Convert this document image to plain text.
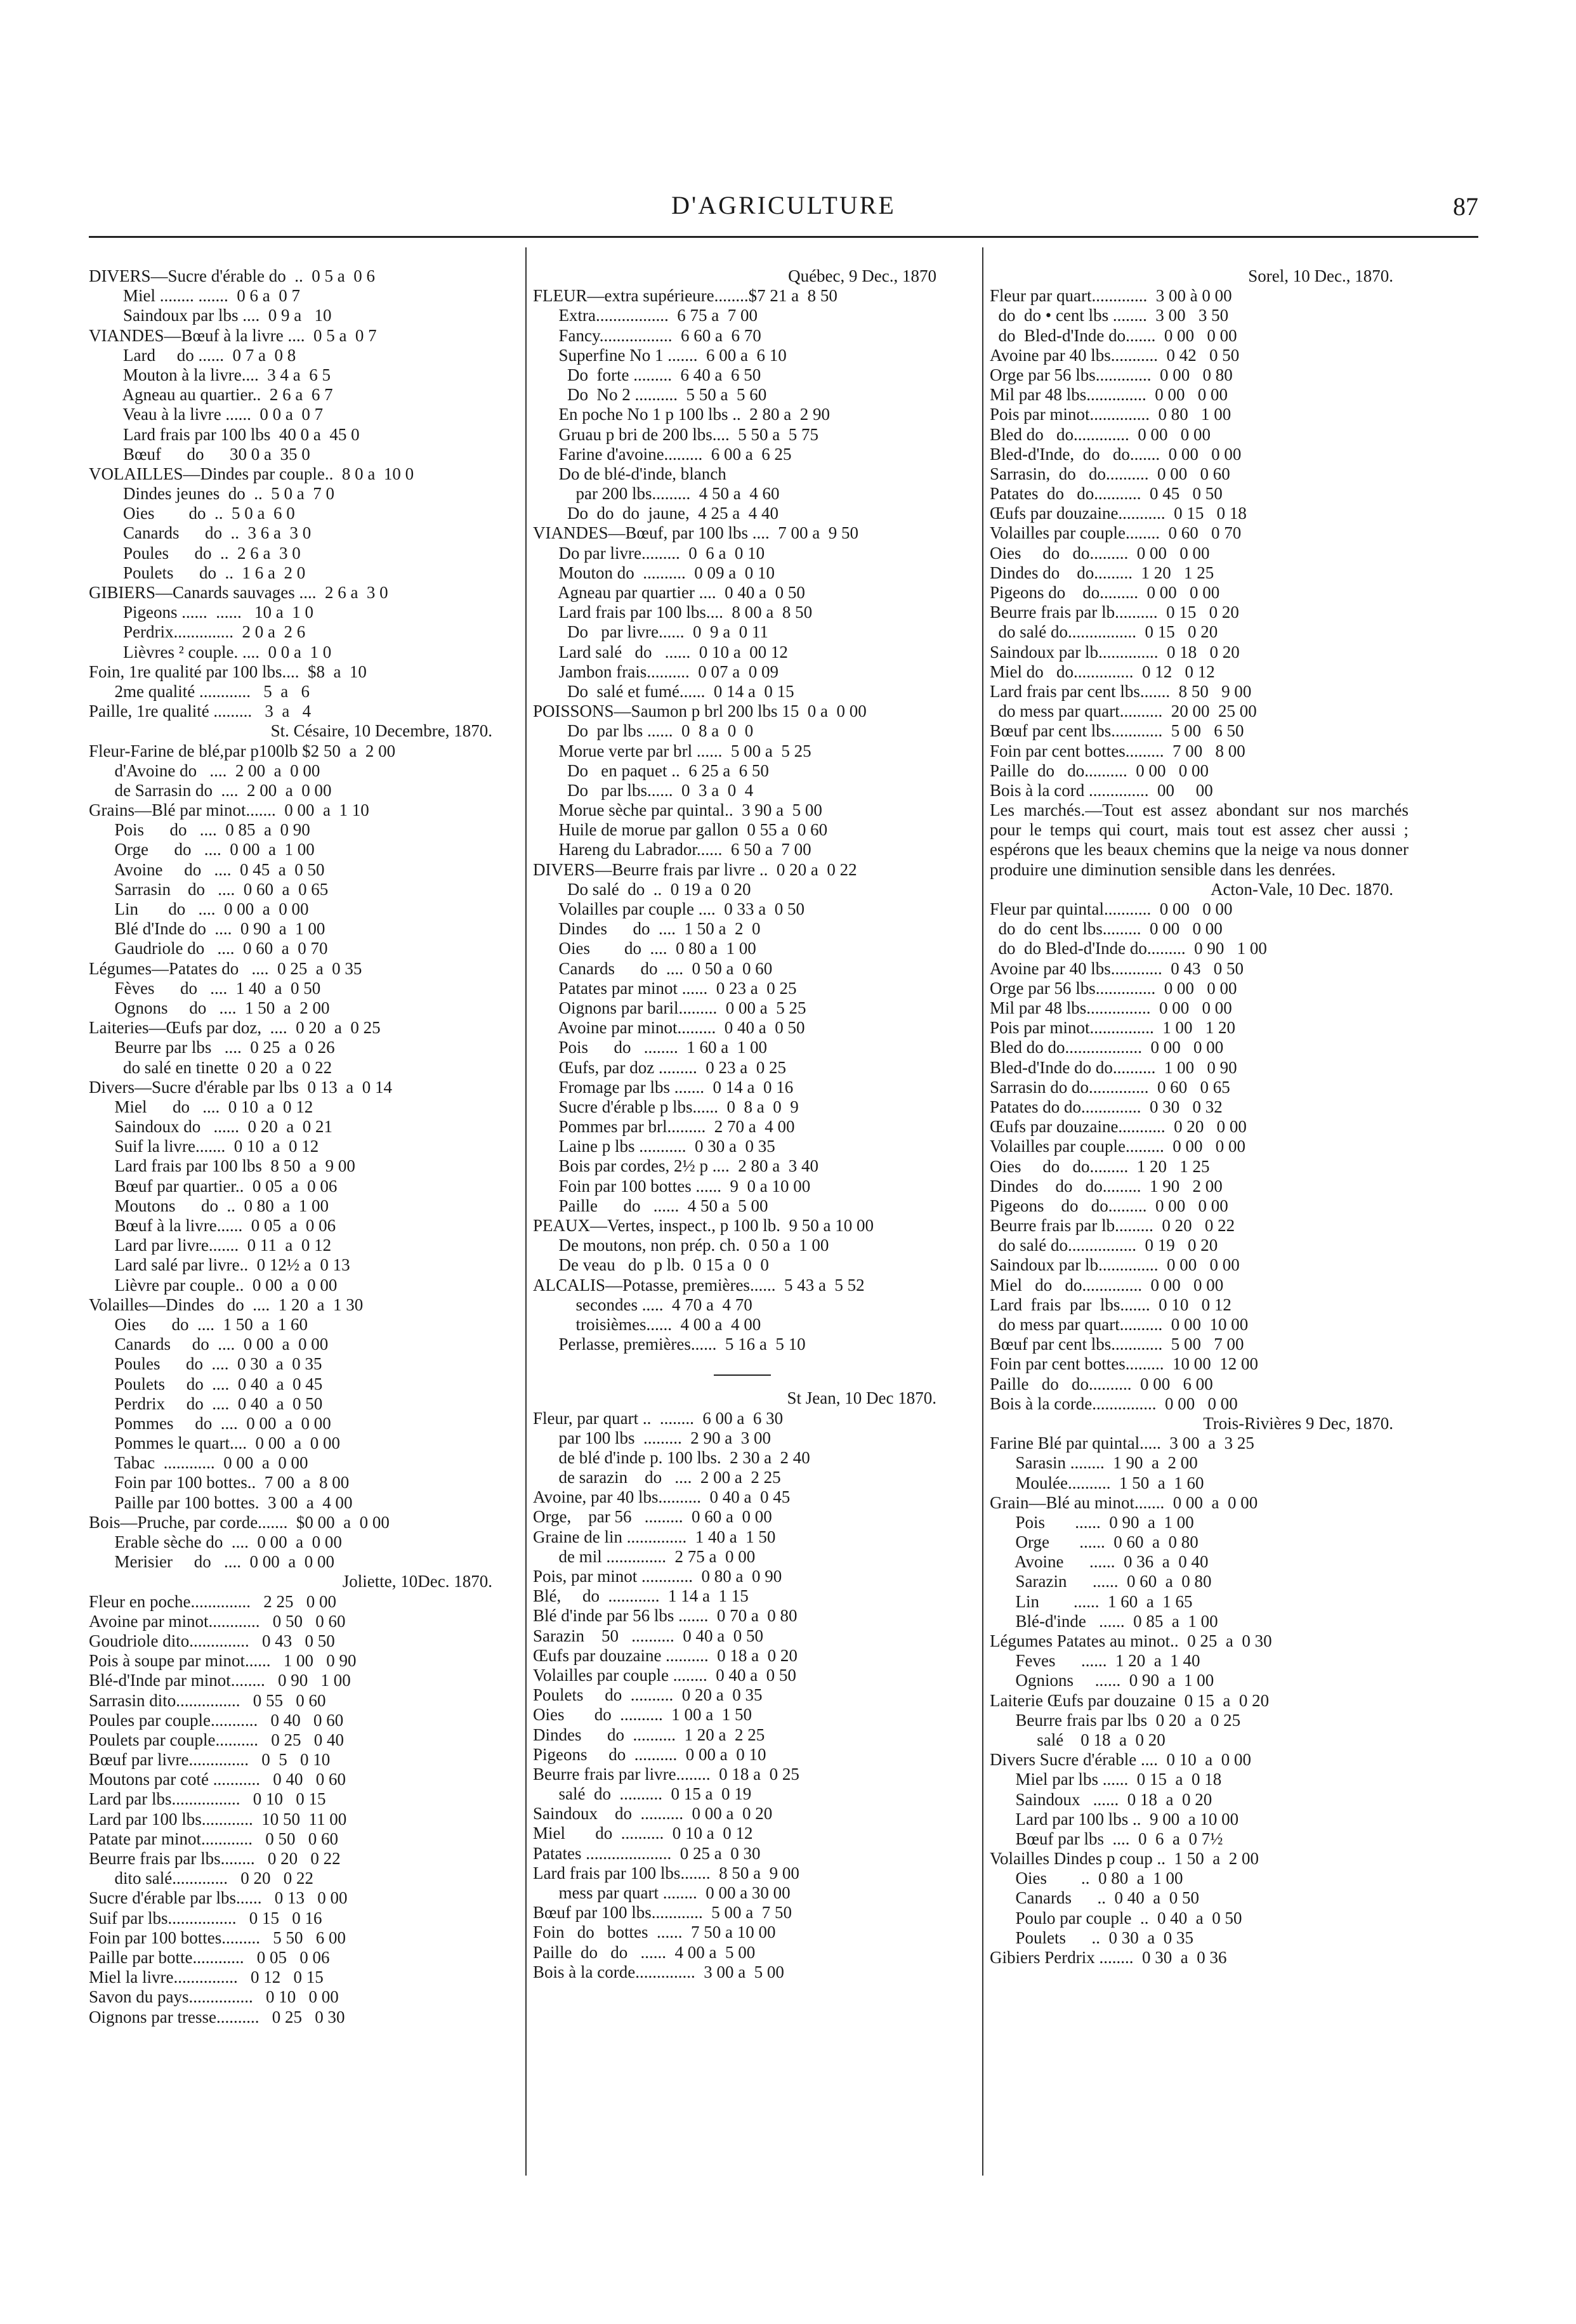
D'AGRICULTURE	87
DIVERS—Sucre d'érable do  ..  0 5 a  0 6
Miel ........ .......  0 6 a  0 7
Saindoux par lbs ....  0 9 a   10
VIANDES—Bœuf à la livre ....  0 5 a  0 7
Lard     do ......  0 7 a  0 8
Mouton à la livre....  3 4 a  6 5
Agneau au quartier..  2 6 a  6 7
Veau à la livre ......  0 0 a  0 7
Lard frais par 100 lbs  40 0 a  45 0
Bœuf      do      30 0 a  35 0
VOLAILLES—Dindes par couple..  8 0 a  10 0
Dindes jeunes  do  ..  5 0 a  7 0
Oies        do  ..  5 0 a  6 0
Canards      do  ..  3 6 a  3 0
Poules      do  ..  2 6 a  3 0
Poulets      do  ..  1 6 a  2 0
GIBIERS—Canards sauvages ....  2 6 a  3 0
Pigeons ......  ......   10 a  1 0
Perdrix..............  2 0 a  2 6
Lièvres ² couple. ....  0 0 a  1 0
Foin, 1re qualité par 100 lbs....  $8  a  10
2me qualité ............   5  a   6
Paille, 1re qualité .........   3  a   4
St. Césaire, 10 Decembre, 1870.
Fleur-Farine de blé,par p100lb $2 50  a  2 00
d'Avoine do   ....  2 00  a  0 00
de Sarrasin do  ....  2 00  a  0 00
Grains—Blé par minot.......  0 00  a  1 10
Pois      do   ....  0 85  a  0 90
Orge      do   ....  0 00  a  1 00
Avoine     do   ....  0 45  a  0 50
Sarrasin    do   ....  0 60  a  0 65
Lin       do   ....  0 00  a  0 00
Blé d'Inde do  ....  0 90  a  1 00
Gaudriole do   ....  0 60  a  0 70
Légumes—Patates do   ....  0 25  a  0 35
Fèves      do   ....  1 40  a  0 50
Ognons     do   ....  1 50  a  2 00
Laiteries—Œufs par doz,  ....  0 20  a  0 25
Beurre par lbs   ....  0 25  a  0 26
do salé en tinette  0 20  a  0 22
Divers—Sucre d'érable par lbs  0 13  a  0 14
Miel      do   ....  0 10  a  0 12
Saindoux do   ......  0 20  a  0 21
Suif la livre.......  0 10  a  0 12
Lard frais par 100 lbs  8 50  a  9 00
Bœuf par quartier..  0 05  a  0 06
Moutons      do  ..  0 80  a  1 00
Bœuf à la livre......  0 05  a  0 06
Lard par livre.......  0 11  a  0 12
Lard salé par livre..  0 12½ a  0 13
Lièvre par couple..  0 00  a  0 00
Volailles—Dindes   do  ....  1 20  a  1 30
Oies      do  ....  1 50  a  1 60
Canards     do  ....  0 00  a  0 00
Poules      do  ....  0 30  a  0 35
Poulets     do  ....  0 40  a  0 45
Perdrix     do  ....  0 40  a  0 50
Pommes     do  ....  0 00  a  0 00
Pommes le quart....  0 00  a  0 00
Tabac  ............  0 00  a  0 00
Foin par 100 bottes..  7 00  a  8 00
Paille par 100 bottes.  3 00  a  4 00
Bois—Pruche, par corde.......  $0 00  a  0 00
Erable sèche do  ....  0 00  a  0 00
Merisier     do   ....  0 00  a  0 00
Joliette, 10Dec. 1870.
Fleur en poche..............   2 25   0 00
Avoine par minot............   0 50   0 60
Goudriole dito..............   0 43   0 50
Pois à soupe par minot......   1 00   0 90
Blé-d'Inde par minot........   0 90   1 00
Sarrasin dito...............   0 55   0 60
Poules par couple...........   0 40   0 60
Poulets par couple..........   0 25   0 40
Bœuf par livre..............   0  5   0 10
Moutons par coté ...........   0 40   0 60
Lard par lbs................   0 10   0 15
Lard par 100 lbs............  10 50  11 00
Patate par minot............   0 50   0 60
Beurre frais par lbs........   0 20   0 22
dito salé.............   0 20   0 22
Sucre d'érable par lbs......   0 13   0 00
Suif par lbs................   0 15   0 16
Foin par 100 bottes.........   5 50   6 00
Paille par botte............   0 05   0 06
Miel la livre...............   0 12   0 15
Savon du pays...............   0 10   0 00
Oignons par tresse..........   0 25   0 30
Québec, 9 Dec., 1870
FLEUR—extra supérieure........$7 21 a  8 50
Extra.................  6 75 a  7 00
Fancy.................  6 60 a  6 70
Superfine No 1 .......  6 00 a  6 10
Do  forte .........  6 40 a  6 50
Do  No 2 ..........  5 50 a  5 60
En poche No 1 p 100 lbs ..  2 80 a  2 90
Gruau p bri de 200 lbs....  5 50 a  5 75
Farine d'avoine.........  6 00 a  6 25
Do de blé-d'inde, blanch
par 200 lbs.........  4 50 a  4 60
Do  do  do  jaune,  4 25 a  4 40
VIANDES—Bœuf, par 100 lbs ....  7 00 a  9 50
Do par livre.........  0  6 a  0 10
Mouton do  ..........  0 09 a  0 10
Agneau par quartier ....  0 40 a  0 50
Lard frais par 100 lbs....  8 00 a  8 50
Do   par livre......  0  9 a  0 11
Lard salé   do   ......  0 10 a  00 12
Jambon frais..........  0 07 a  0 09
Do  salé et fumé......  0 14 a  0 15
POISSONS—Saumon p brl 200 lbs 15  0 a  0 00
Do  par lbs ......  0  8 a  0  0
Morue verte par brl ......  5 00 a  5 25
Do   en paquet ..  6 25 a  6 50
Do   par lbs......  0  3 a  0  4
Morue sèche par quintal..  3 90 a  5 00
Huile de morue par gallon  0 55 a  0 60
Hareng du Labrador......  6 50 a  7 00
DIVERS—Beurre frais par livre ..  0 20 a  0 22
Do salé  do  ..  0 19 a  0 20
Volailles par couple ....  0 33 a  0 50
Dindes      do  ....  1 50 a  2  0
Oies        do  ....  0 80 a  1 00
Canards      do  ....  0 50 a  0 60
Patates par minot ......  0 23 a  0 25
Oignons par baril.........  0 00 a  5 25
Avoine par minot.........  0 40 a  0 50
Pois      do   ........  1 60 a  1 00
Œufs, par doz .........  0 23 a  0 25
Fromage par lbs .......  0 14 a  0 16
Sucre d'érable p lbs......  0  8 a  0  9
Pommes par brl.........  2 70 a  4 00
Laine p lbs ...........  0 30 a  0 35
Bois par cordes, 2½ p ....  2 80 a  3 40
Foin par 100 bottes ......  9  0 a 10 00
Paille      do   ......  4 50 a  5 00
PEAUX—Vertes, inspect., p 100 lb.  9 50 a 10 00
De moutons, non prép. ch.  0 50 a  1 00
De veau   do  p lb.  0 15 a  0  0
ALCALIS—Potasse, premières......  5 43 a  5 52
secondes .....  4 70 a  4 70
troisièmes......  4 00 a  4 00
Perlasse, premières......  5 16 a  5 10
St Jean, 10 Dec 1870.
Fleur, par quart ..  ........  6 00 a  6 30
par 100 lbs  .........  2 90 a  3 00
de blé d'inde p. 100 lbs.  2 30 a  2 40
de sarazin    do   ....  2 00 a  2 25
Avoine, par 40 lbs..........  0 40 a  0 45
Orge,    par 56   .........  0 60 a  0 00
Graine de lin ..............  1 40 a  1 50
de mil ..............  2 75 a  0 00
Pois, par minot ............  0 80 a  0 90
Blé,     do  ............  1 14 a  1 15
Blé d'inde par 56 lbs .......  0 70 a  0 80
Sarazin    50   ..........  0 40 a  0 50
Œufs par douzaine ..........  0 18 a  0 20
Volailles par couple ........  0 40 a  0 50
Poulets     do  ..........  0 20 a  0 35
Oies       do  ..........  1 00 a  1 50
Dindes      do  ..........  1 20 a  2 25
Pigeons     do  ..........  0 00 a  0 10
Beurre frais par livre........  0 18 a  0 25
salé  do  ..........  0 15 a  0 19
Saindoux    do  ..........  0 00 a  0 20
Miel       do  ..........  0 10 a  0 12
Patates ....................  0 25 a  0 30
Lard frais par 100 lbs.......  8 50 a  9 00
mess par quart ........  0 00 a 30 00
Bœuf par 100 lbs............  5 00 a  7 50
Foin   do   bottes  ......  7 50 a 10 00
Paille  do   do   ......  4 00 a  5 00
Bois à la corde..............  3 00 a  5 00
Sorel, 10 Dec., 1870.
Fleur par quart.............  3 00 à 0 00
do  do • cent lbs ........  3 00   3 50
do  Bled-d'Inde do.......  0 00   0 00
Avoine par 40 lbs...........  0 42   0 50
Orge par 56 lbs.............  0 00   0 80
Mil par 48 lbs..............  0 00   0 00
Pois par minot..............  0 80   1 00
Bled do   do.............  0 00   0 00
Bled-d'Inde,  do   do.......  0 00   0 00
Sarrasin,  do   do..........  0 00   0 60
Patates  do   do...........  0 45   0 50
Œufs par douzaine...........  0 15   0 18
Volailles par couple........  0 60   0 70
Oies     do   do.........  0 00   0 00
Dindes do    do.........  1 20   1 25
Pigeons do    do.........  0 00   0 00
Beurre frais par lb..........  0 15   0 20
do salé do................  0 15   0 20
Saindoux par lb..............  0 18   0 20
Miel do   do..............  0 12   0 12
Lard frais par cent lbs.......  8 50   9 00
do mess par quart..........  20 00  25 00
Bœuf par cent lbs............  5 00   6 50
Foin par cent bottes.........  7 00   8 00
Paille  do   do..........  0 00   0 00
Bois à la cord ..............  00     00
Les marchés.—Tout est assez abondant sur nos marchés pour le temps qui court, mais tout est assez cher aussi ; espérons que les beaux chemins que la neige va nous donner produire une diminution sensible dans les denrées.
Acton-Vale, 10 Dec. 1870.
Fleur par quintal...........  0 00   0 00
do  do  cent lbs.........  0 00   0 00
do  do Bled-d'Inde do.........  0 90   1 00
Avoine par 40 lbs............  0 43   0 50
Orge par 56 lbs..............  0 00   0 00
Mil par 48 lbs...............  0 00   0 00
Pois par minot...............  1 00   1 20
Bled do do..................  0 00   0 00
Bled-d'Inde do do..........  1 00   0 90
Sarrasin do do..............  0 60   0 65
Patates do do..............  0 30   0 32
Œufs par douzaine...........  0 20   0 00
Volailles par couple.........  0 00   0 00
Oies     do   do.........  1 20   1 25
Dindes    do   do.........  1 90   2 00
Pigeons    do   do.........  0 00   0 00
Beurre frais par lb.........  0 20   0 22
do salé do................  0 19   0 20
Saindoux par lb..............  0 00   0 00
Miel   do   do..............  0 00   0 00
Lard  frais  par  lbs.......  0 10   0 12
do mess par quart..........  0 00  10 00
Bœuf par cent lbs............  5 00   7 00
Foin par cent bottes.........  10 00  12 00
Paille   do   do..........  0 00   6 00
Bois à la corde...............  0 00   0 00
Trois-Rivières 9 Dec, 1870.
Farine Blé par quintal.....  3 00  a  3 25
Sarasin ........  1 90  a  2 00
Moulée..........  1 50  a  1 60
Grain—Blé au minot.......  0 00  a  0 00
Pois       ......  0 90  a  1 00
Orge       ......  0 60  a  0 80
Avoine      ......  0 36  a  0 40
Sarazin      ......  0 60  a  0 80
Lin        ......  1 60  a  1 65
Blé-d'inde   ......  0 85  a  1 00
Légumes Patates au minot..  0 25  a  0 30
Feves      ......  1 20  a  1 40
Ognions     ......  0 90  a  1 00
Laiterie Œufs par douzaine  0 15  a  0 20
Beurre frais par lbs  0 20  a  0 25
salé    0 18  a  0 20
Divers Sucre d'érable ....  0 10  a  0 00
Miel par lbs ......  0 15  a  0 18
Saindoux   ......  0 18  a  0 20
Lard par 100 lbs ..  9 00  a 10 00
Bœuf par lbs  ....  0  6  a  0 7½
Volailles Dindes p coup ..  1 50  a  2 00
Oies        ..  0 80  a  1 00
Canards      ..  0 40  a  0 50
Poulo par couple  ..  0 40  a  0 50
Poulets      ..  0 30  a  0 35
Gibiers Perdrix ........  0 30  a  0 36
